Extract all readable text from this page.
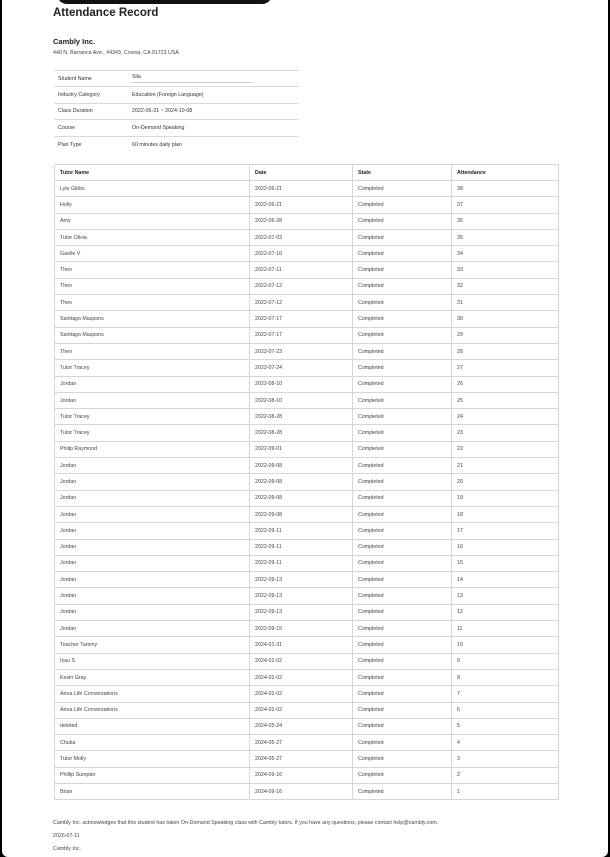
Attendance Record
Cambly Inc.
440 N. Barranca Ave., #4343, Covina, CA 91723 USA
Student Name	Sila
Industry Category	Education (Foreign Language)
Class Duration	2022-06-21 ~ 2024-10-08
Course	On-Demand Speaking
Plan Type	60 minutes daily plan
Tutor Name	Date	State	Attendance
Lyle Gibbs	2022-06-21	Completed	38
Holly	2022-06-21	Completed	37
Amy	2022-06-28	Completed	36
Tutor Olivia	2022-07-03	Completed	35
Gaelle V	2022-07-10	Completed	34
Theo	2022-07-11	Completed	33
Theo	2022-07-12	Completed	32
Theo	2022-07-12	Completed	31
Santiago Maspons	2022-07-17	Completed	30
Santiago Maspons	2022-07-17	Completed	29
Theo	2022-07-23	Completed	28
Tutor Tracey	2022-07-24	Completed	27
Jordan	2022-08-10	Completed	26
Jordan	2022-08-10	Completed	25
Tutor Tracey	2022-08-28	Completed	24
Tutor Tracey	2022-08-28	Completed	23
Philip Raymond	2022-09-01	Completed	22
Jordan	2022-09-08	Completed	21
Jordan	2022-09-08	Completed	20
Jordan	2022-09-08	Completed	19
Jordan	2022-09-08	Completed	18
Jordan	2022-09-11	Completed	17
Jordan	2022-09-11	Completed	16
Jordan	2022-09-11	Completed	15
Jordan	2022-09-13	Completed	14
Jordan	2022-09-13	Completed	13
Jordan	2022-09-13	Completed	12
Jordan	2022-09-15	Completed	11
Teacher Tammy	2024-01-31	Completed	10
Izau S	2024-02-02	Completed	9
Kevin Gray	2024-02-02	Completed	8
Anna Life Conversations	2024-02-02	Completed	7
Anna Life Conversations	2024-02-02	Completed	6
deleted	2024-05-24	Completed	5
Chuka	2024-05-27	Completed	4
Tutor Molly	2024-05-27	Completed	3
Phillip Sumpter	2024-09-16	Completed	2
Brian	2024-09-16	Completed	1
Cambly Inc. acknowledges that this student has taken On-Demand Speaking class with Cambly tutors. If you have any questions, please contact help@cambly.com.
2026-07-11
Cambly Inc.
